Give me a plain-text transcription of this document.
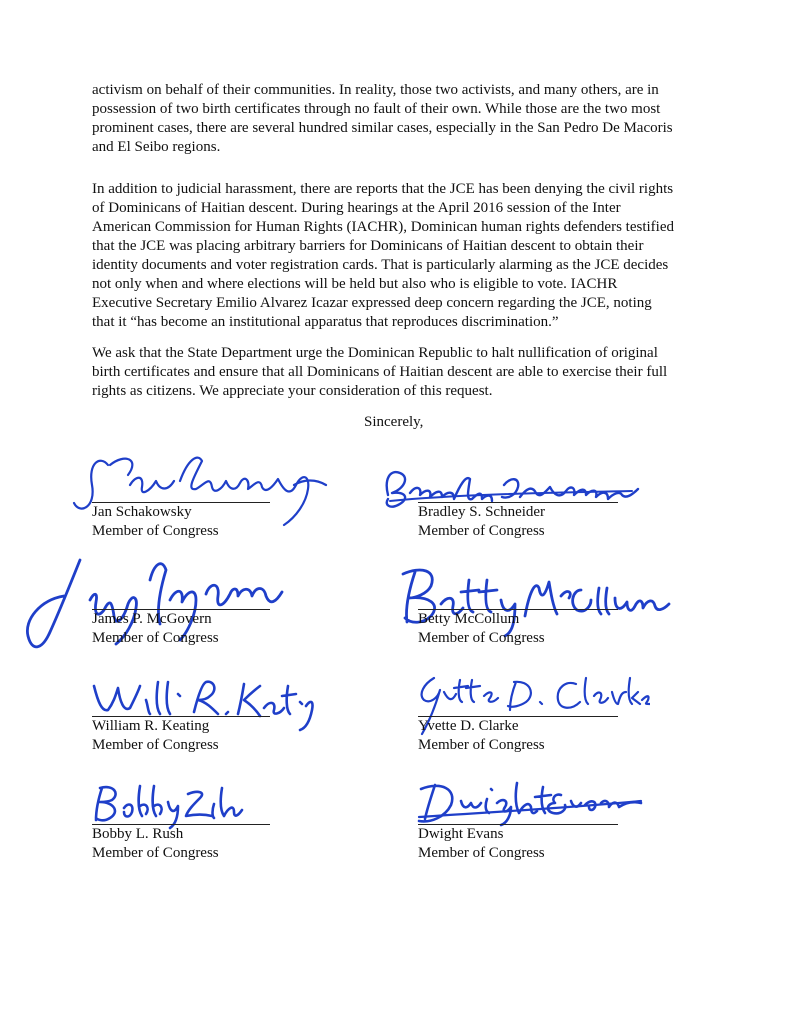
activism on behalf of their communities. In reality, those two activists, and many others, are in
possession of two birth certificates through no fault of their own. While those are the two most
prominent cases, there are several hundred similar cases, especially in the San Pedro De Macoris
and El Seibo regions.

In addition to judicial harassment, there are reports that the JCE has been denying the civil rights
of Dominicans of Haitian descent. During hearings at the April 2016 session of the Inter
American Commission for Human Rights (IACHR), Dominican human rights defenders testified
that the JCE was placing arbitrary barriers for Dominicans of Haitian descent to obtain their
identity documents and voter registration cards. That is particularly alarming as the JCE decides
not only when and where elections will be held but also who is eligible to vote. IACHR
Executive Secretary Emilio Alvarez Icazar expressed deep concern regarding the JCE, noting
that it “has become an institutional apparatus that reproduces discrimination.”

We ask that the State Department urge the Dominican Republic to halt nullification of original
birth certificates and ensure that all Dominicans of Haitian descent are able to exercise their full
rights as citizens. We appreciate your consideration of this request.

Sincerely,
Jan Schakowsky
Member of Congress
Bradley S. Schneider
Member of Congress
James P. McGovern
Member of Congress
Betty McCollum
Member of Congress
William R. Keating
Member of Congress
Yvette D. Clarke
Member of Congress
Bobby L. Rush
Member of Congress
Dwight Evans
Member of Congress
